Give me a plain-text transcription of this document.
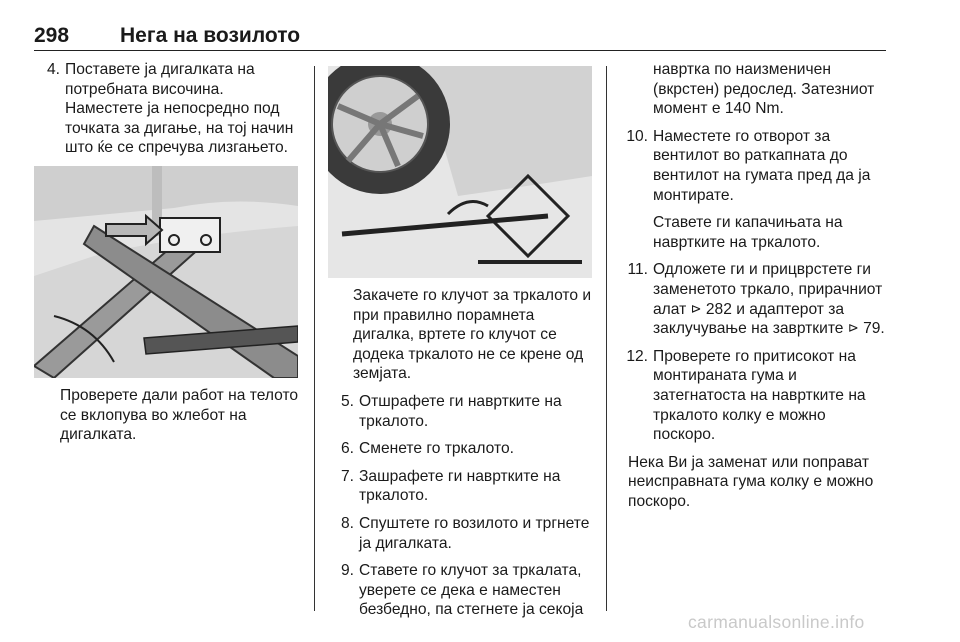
298 Нега на возилото
4. Поставете ја дигалката на потребната височина. Наместете ја непосредно под точката за дигање, на тој начин што ќе се спречува лизгањето.
Проверете дали работ на телото се вклопува во жлебот на дигалката.
Закачете го клучот за тркалото и при правилно порамнета дигалка, вртете го клучот се додека тркалото не се крене од земјата.
5. Отшрафете ги навртките на тркалото.
6. Сменете го тркалото.
7. Зашрафете ги навртките на тркалото.
8. Спуштете го возилото и тргнете ја дигалката.
9. Ставете го клучот за тркалата, уверете се дека е наместен безбедно, па стегнете ја секоја
навртка по наизменичен (вкрстен) редослед. Затезниот момент е 140 Nm.
10. Наместете го отворот за вентилот во раткапната до вентилот на гумата пред да ја монтирате.
Ставете ги капачињата на навртките на тркалото.
11. Одложете ги и прицврстете ги заменетото тркало, прирачниот алат ⊳ 282 и адаптерот за заклучување на завртките ⊳ 79.
12. Проверете го притисокот на монтираната гума и затегнатоста на навртките на тркалото колку е можно поскоро.
Нека Ви ја заменат или поправат неисправната гума колку е можно поскоро.
carmanualsonline.info
